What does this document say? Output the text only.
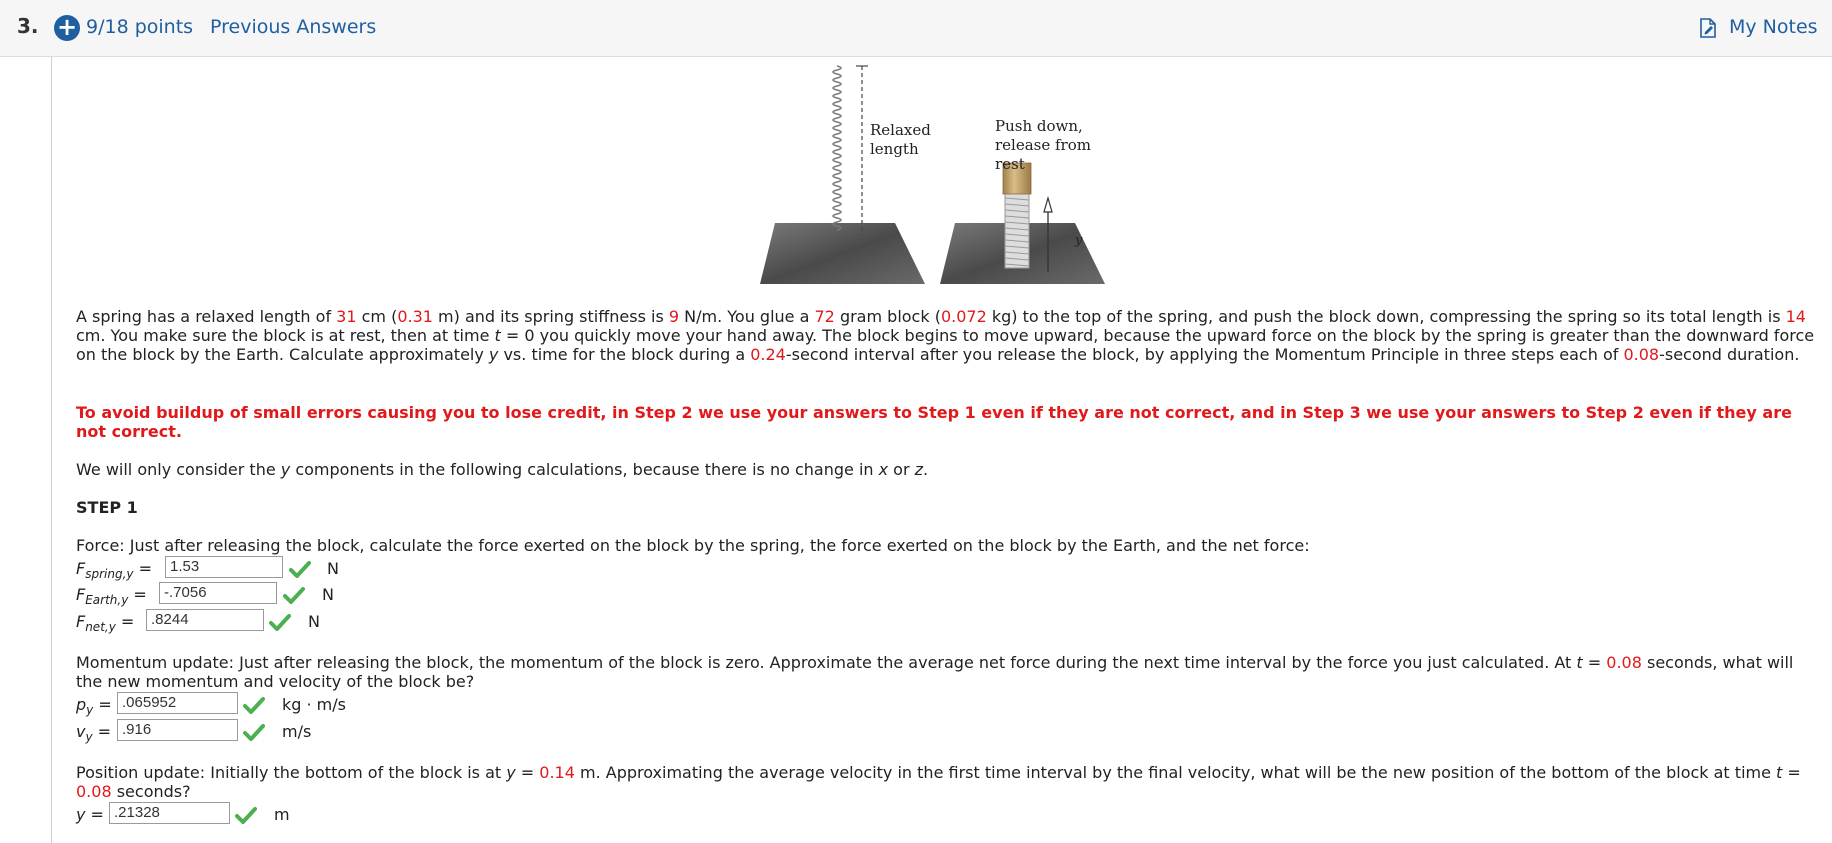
3. + 9/18 points Previous Answers	My Notes
Relaxed
length
Push down,
release from
rest
y
A spring has a relaxed length of 31 cm (0.31 m) and its spring stiffness is 9 N/m. You glue a 72 gram block (0.072 kg) to the top of the spring, and push the block down, compressing the spring so its total length is 14 cm. You make sure the block is at rest, then at time t = 0 you quickly move your hand away. The block begins to move upward, because the upward force on the block by the spring is greater than the downward force on the block by the Earth. Calculate approximately y vs. time for the block during a 0.24-second interval after you release the block, by applying the Momentum Principle in three steps each of 0.08-second duration.
To avoid buildup of small errors causing you to lose credit, in Step 2 we use your answers to Step 1 even if they are not correct, and in Step 3 we use your answers to Step 2 even if they are not correct.
We will only consider the y components in the following calculations, because there is no change in x or z.
STEP 1
Force: Just after releasing the block, calculate the force exerted on the block by the spring, the force exerted on the block by the Earth, and the net force:
$F_{spring,y}$ =	1.53	N
$F_{Earth,y}$ =	-.7056	N
$F_{net,y}$ =	.8244	N
Momentum update: Just after releasing the block, the momentum of the block is zero. Approximate the average net force during the next time interval by the force you just calculated. At t = 0.08 seconds, what will the new momentum and velocity of the block be?
$p_y = .065952$	kg · m/s
$v_y = .916$	m/s
Position update: Initially the bottom of the block is at y = 0.14 m. Approximating the average velocity in the first time interval by the final velocity, what will be the new position of the bottom of the block at time t = 0.08 seconds?
y = .21328	m
